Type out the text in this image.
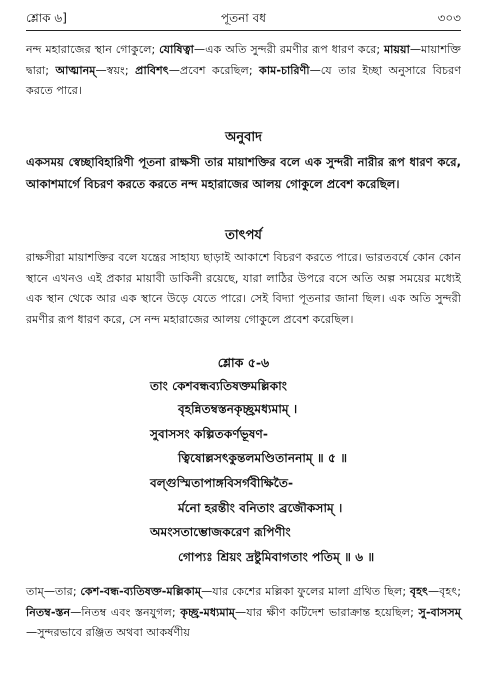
শ্লোক ৬]	পূতনা বধ	৩০৩
নন্দ মহারাজের স্থান গোকুলে; যোষিত্বা—এক অতি সুন্দরী রমণীর রূপ ধারণ করে; মায়য়া—মায়াশক্তি দ্বারা; আত্মানম্—স্বয়ং; প্রাবিশৎ—প্রবেশ করেছিল; কাম-চারিণী—যে তার ইচ্ছা অনুসারে বিচরণ করতে পারে।
অনুবাদ
একসময় স্বেচ্ছাবিহারিণী পূতনা রাক্ষসী তার মায়াশক্তির বলে এক সুন্দরী নারীর রূপ ধারণ করে, আকাশমার্গে বিচরণ করতে করতে নন্দ মহারাজের আলয় গোকুলে প্রবেশ করেছিল।
তাৎপর্য
রাক্ষসীরা মায়াশক্তির বলে যন্ত্রের সাহায্য ছাড়াই আকাশে বিচরণ করতে পারে। ভারতবর্ষে কোন কোন স্থানে এখনও এই প্রকার মায়াবী ডাকিনী রয়েছে, যারা লাঠির উপরে বসে অতি অল্প সময়ের মধ্যেই এক স্থান থেকে আর এক স্থানে উড়ে যেতে পারে। সেই বিদ্যা পূতনার জানা ছিল। এক অতি সুন্দরী রমণীর রূপ ধারণ করে, সে নন্দ মহারাজের আলয় গোকুলে প্রবেশ করেছিল।
শ্লোক ৫-৬
তাং কেশবন্ধব্যতিষক্তমল্লিকাং
বৃহন্নিতম্বস্তনকৃচ্ছ্রমধ্যমাম্ ।
সুবাসসং কল্পিতকর্ণভূষণ-
ত্বিষোল্লসৎকুন্তলমণ্ডিতাননাম্ ॥ ৫ ॥
বল্গুস্মিতাপাঙ্গবিসর্গবীক্ষিতৈ-
র্মনো হরন্তীং বনিতাং ব্রজৌকসাম্ ।
অমংসতাম্ভোজকরেণ রূপিণীং
গোপ্যঃ শ্রিয়ং দ্রষ্টুমিবাগতাং পতিম্ ॥ ৬ ॥
তাম্—তার; কেশ-বন্ধ-ব্যতিষক্ত-মল্লিকাম্—যার কেশের মল্লিকা ফুলের মালা গ্রথিত ছিল; বৃহৎ—বৃহৎ; নিতম্ব-স্তন—নিতম্ব এবং স্তনযুগল; কৃচ্ছ্র-মধ্যমাম্—যার ক্ষীণ কটিদেশ ভারাক্রান্ত হয়েছিল; সু-বাসসম্—সুন্দরভাবে রঞ্জিত অথবা আকর্ষণীয়
